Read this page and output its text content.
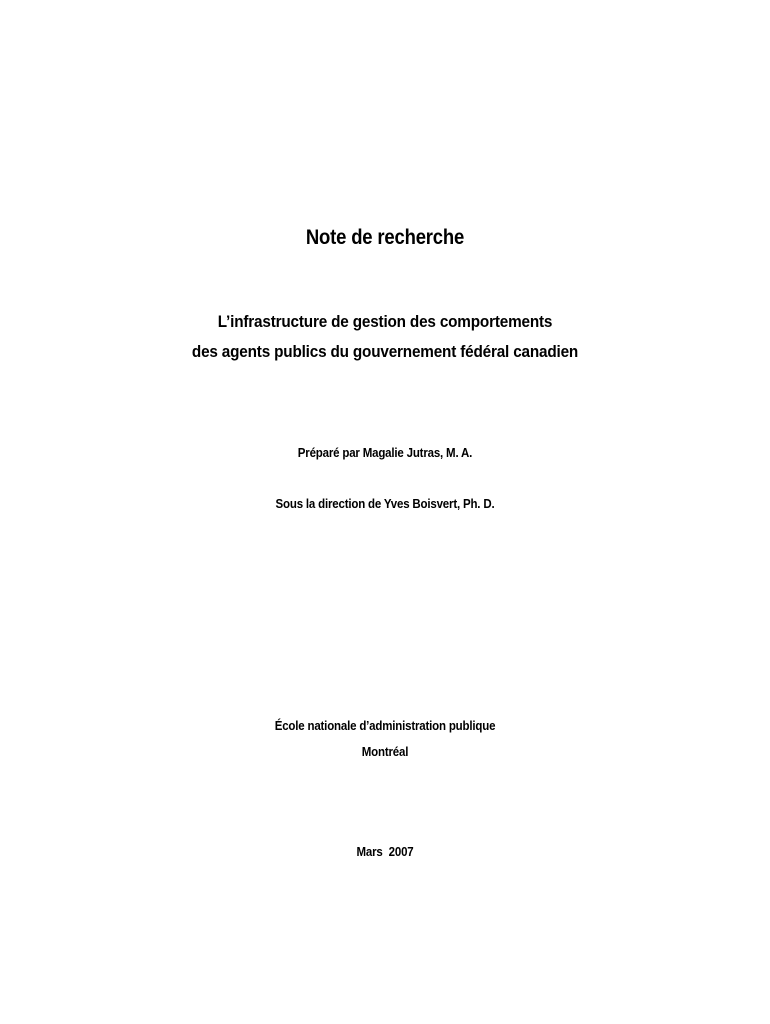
Note de recherche
L’infrastructure de gestion des comportements
des agents publics du gouvernement fédéral canadien
Préparé par Magalie Jutras, M. A.
Sous la direction de Yves Boisvert, Ph. D.
École nationale d’administration publique
Montréal
Mars  2007
